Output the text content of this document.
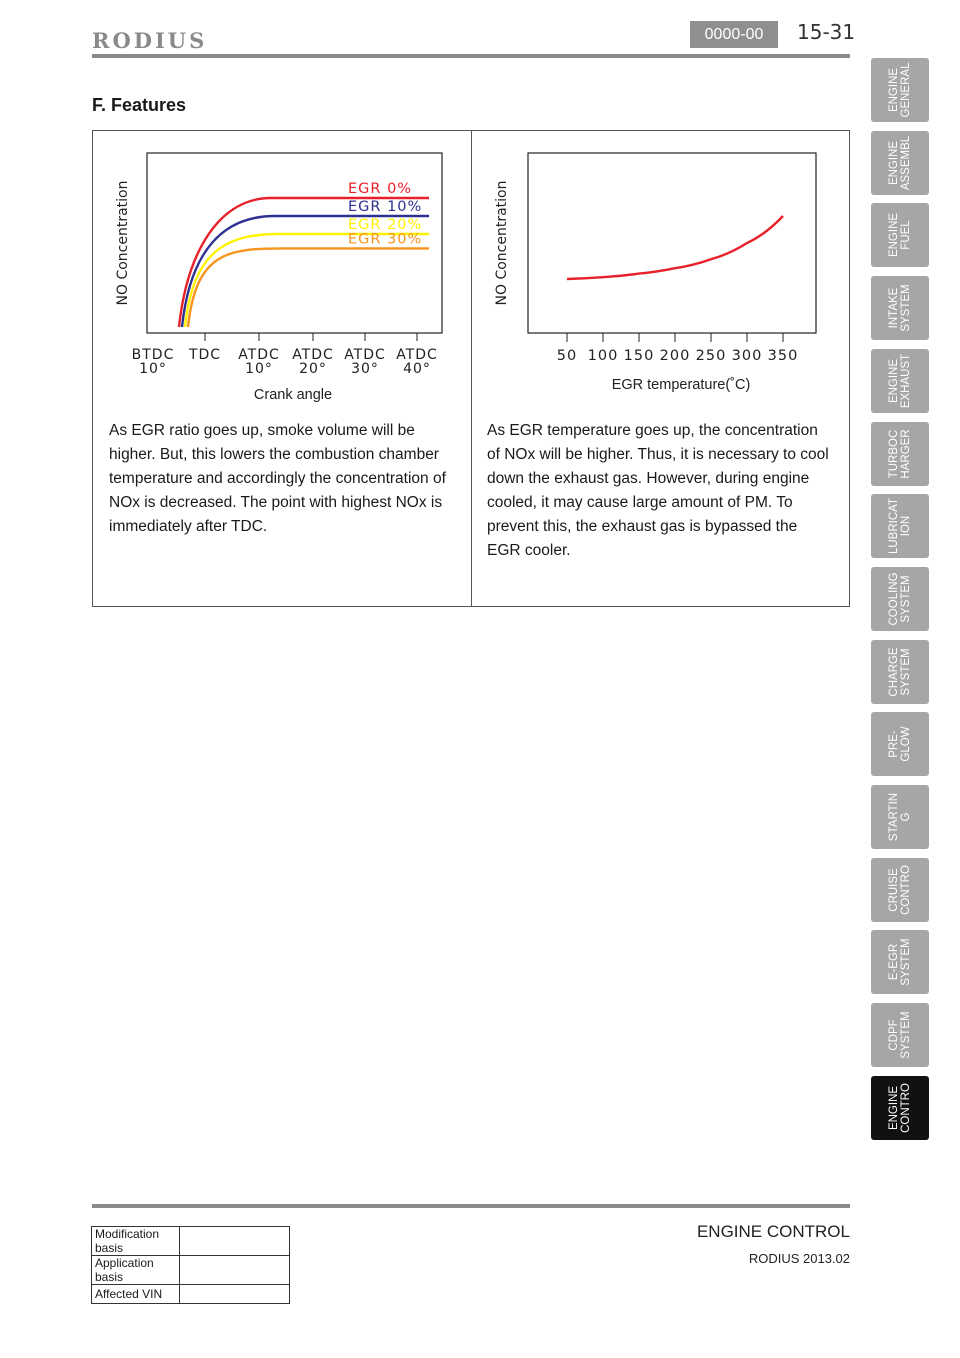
RODIUS	0000-00	15-31
F. Features
NO Concentration
BTDC
10°
TDC ATDC
10°
ATDC
20°
ATDC
30°
ATDC
40°
Crank angle
EGR 0%
EGR 10%
EGR 20%
EGR 30%	NO Concentration
50 100 150 200 250 300 350
EGR temperature(˚C)
As EGR ratio goes up, smoke volume will be higher. But, this lowers the combustion chamber temperature and accordingly the concentration of NOx is decreased. The point with highest NOx is immediately after TDC.
As EGR temperature goes up, the concentration of NOx will be higher. Thus, it is necessary to cool down the exhaust gas. However, during engine cooled, it may cause large amount of PM. To prevent this, the exhaust gas is bypassed the EGR cooler.
ENGINE
GENERAL
ENGINE
ASSEMBL
ENGINE
FUEL
INTAKE
SYSTEM
ENGINE
EXHAUST
TURBOC
HARGER
LUBRICAT
ION
COOLING
SYSTEM
CHARGE
SYSTEM
PRE-
GLOW
STARTIN
G
CRUISE
CONTRO
E-EGR
SYSTEM
CDPF
SYSTEM
ENGINE
CONTRO
ENGINE CONTROL
RODIUS 2013.02
Modification basis	
Application basis	
Affected VIN	
